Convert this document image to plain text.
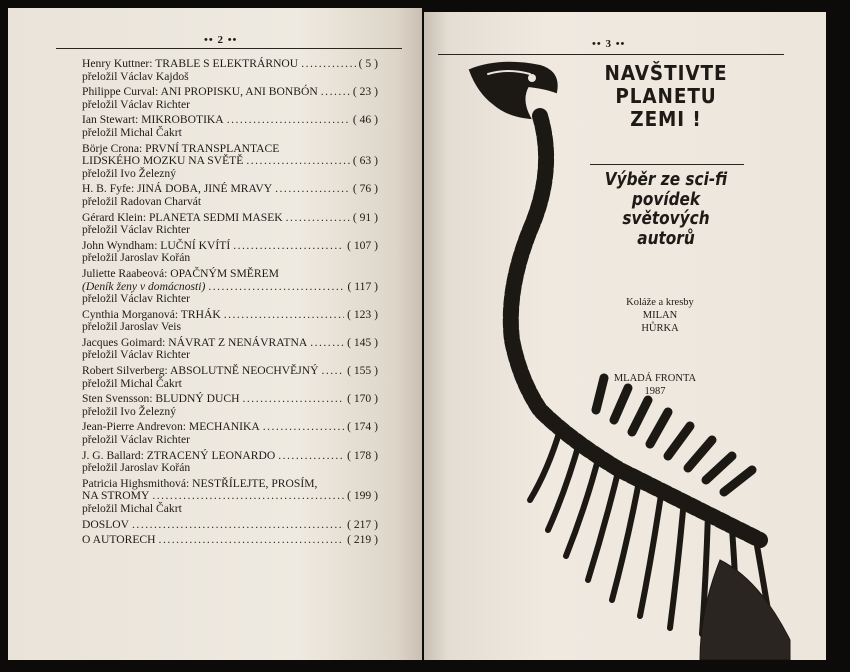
•• 2 ••
Henry Kuttner: TRABLE S ELEKTRÁRNOU .....	( 5 )
přeložil Václav Kajdoš
Philippe Curval: ANI PROPISKU, ANI BONBÓN .....	( 23 )
přeložil Václav Richter
Ian Stewart: MIKROBOTIKA .....	( 46 )
přeložil Michal Čakrt
Börje Crona: PRVNÍ TRANSPLANTACE
LIDSKÉHO MOZKU NA SVĚTĚ .....	( 63 )
přeložil Ivo Železný
H. B. Fyfe: JINÁ DOBA, JINÉ MRAVY .....	( 76 )
přeložil Radovan Charvát
Gérard Klein: PLANETA SEDMI MASEK .....	( 91 )
přeložil Václav Richter
John Wyndham: LUČNÍ KVÍTÍ .....	( 107 )
přeložil Jaroslav Kořán
Juliette Raabeová: OPAČNÝM SMĚREM
(Deník ženy v domácnosti) .....	( 117 )
přeložil Václav Richter
Cynthia Morganová: TRHÁK .....	( 123 )
přeložil Jaroslav Veis
Jacques Goimard: NÁVRAT Z NENÁVRATNA .....	( 145 )
přeložil Václav Richter
Robert Silverberg: ABSOLUTNĚ NEOCHVĚJNÝ ..... ( 155 )
přeložil Michal Čakrt
Sten Svensson: BLUDNÝ DUCH .....	( 170 )
přeložil Ivo Železný
Jean-Pierre Andrevon: MECHANIKA .....	( 174 )
přeložil Václav Richter
J. G. Ballard: ZTRACENÝ LEONARDO .....	( 178 )
přeložil Jaroslav Kořán
Patricia Highsmithová: NESTŘÍLEJTE, PROSÍM,
NA STROMY .....	( 199 )
přeložil Michal Čakrt
DOSLOV .....	( 217 )
O AUTORECH .....	( 219 )
•• 3 ••
NAVŠTIVTE
PLANETU
ZEMI !
Výběr ze sci-fi
povídek
světových
autorů
Koláže a kresby
MILAN
HŮRKA
MLADÁ FRONTA
1987
